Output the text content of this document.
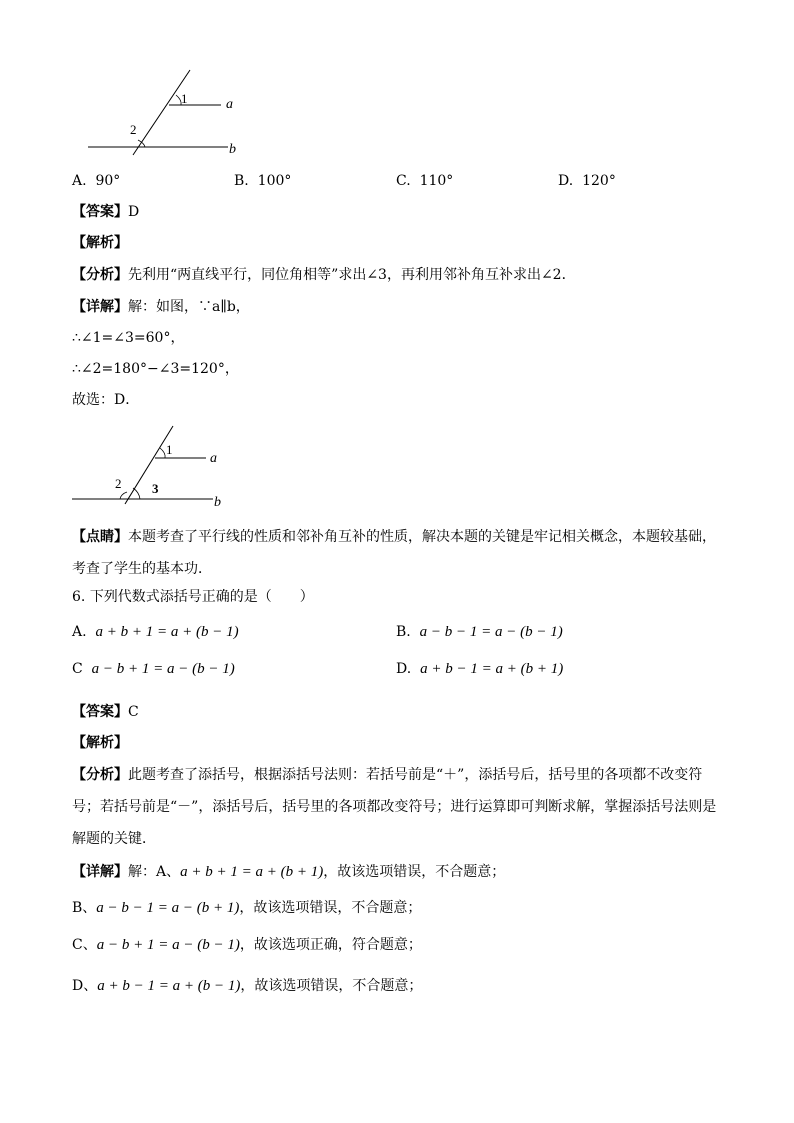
1
2
a
b
A. 90°	B. 100°	C. 110°	D. 120°
【答案】D
【解析】
【分析】先利用“两直线平行，同位角相等”求出∠3，再利用邻补角互补求出∠2．
【详解】解：如图，∵a∥b，
∴∠1=∠3=60°，
∴∠2=180°−∠3=120°，
故选：D．
1
2 3
a
b
【点睛】本题考查了平行线的性质和邻补角互补的性质，解决本题的关键是牢记相关概念，本题较基础，考查了学生的基本功．
6. 下列代数式添括号正确的是（　　）
A. a + b + 1 = a + (b − 1)	B. a − b − 1 = a − (b − 1)
C a − b + 1 = a − (b − 1)	D. a + b − 1 = a + (b + 1)
【答案】C
【解析】
【分析】此题考查了添括号，根据添括号法则：若括号前是“＋”，添括号后，括号里的各项都不改变符号；若括号前是“－”，添括号后，括号里的各项都改变符号；进行运算即可判断求解，掌握添括号法则是解题的关键．
【详解】解：A、a + b + 1 = a + (b + 1)，故该选项错误，不合题意；
B、a − b − 1 = a − (b + 1)，故该选项错误，不合题意；
C、a − b + 1 = a − (b − 1)，故该选项正确，符合题意；
D、a + b − 1 = a + (b − 1)，故该选项错误，不合题意；
